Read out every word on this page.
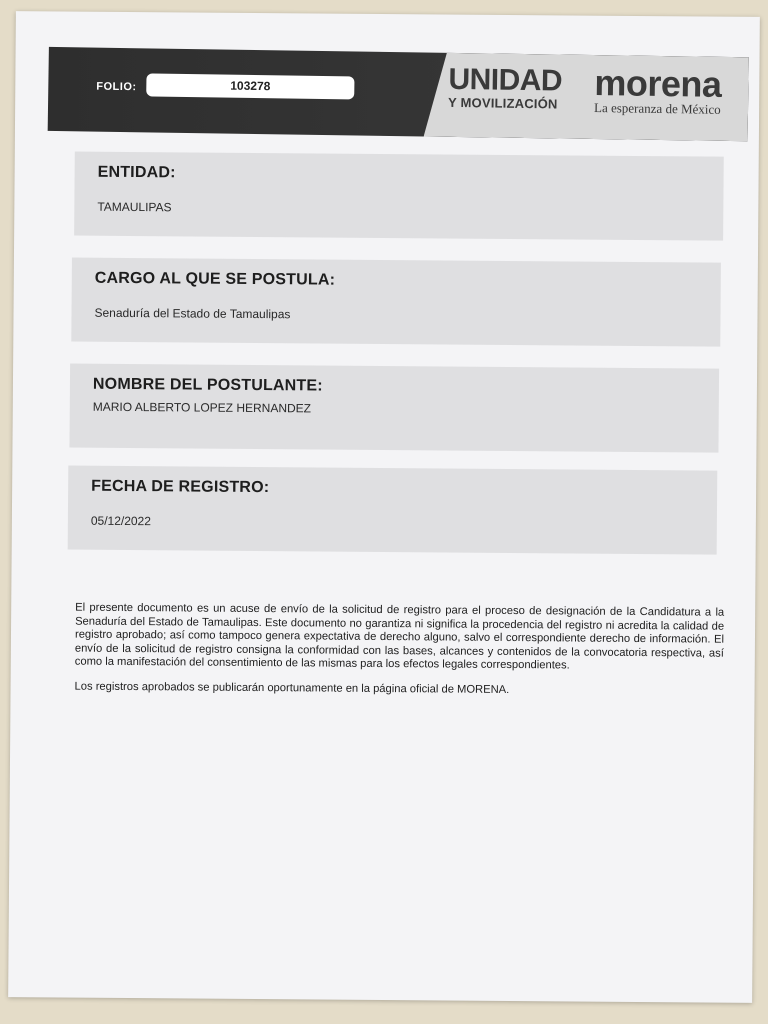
FOLIO:	103278	UNIDAD
Y MOVILIZACIÓN morena
La esperanza de México
ENTIDAD:
TAMAULIPAS
CARGO AL QUE SE POSTULA:
Senaduría del Estado de Tamaulipas
NOMBRE DEL POSTULANTE:
MARIO ALBERTO LOPEZ HERNANDEZ
FECHA DE REGISTRO:
05/12/2022

El presente documento es un acuse de envío de la solicitud de registro para el proceso de designación de la Candidatura a la Senaduría del Estado de Tamaulipas. Este documento no garantiza ni significa la procedencia del registro ni acredita la calidad de registro aprobado; así como tampoco genera expectativa de derecho alguno, salvo el correspondiente derecho de información. El envío de la solicitud de registro consigna la conformidad con las bases, alcances y contenidos de la convocatoria respectiva, así como la manifestación del consentimiento de las mismas para los efectos legales correspondientes.

Los registros aprobados se publicarán oportunamente en la página oficial de MORENA.
